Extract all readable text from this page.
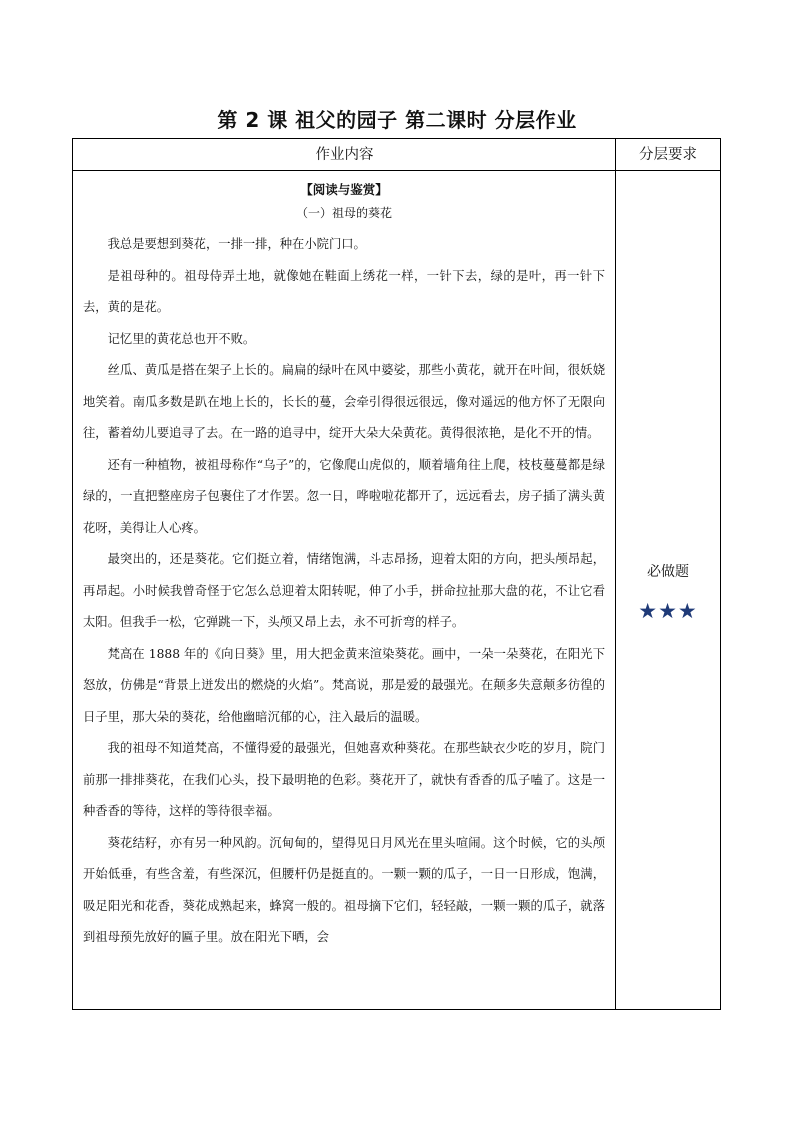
第 2 课 祖父的园子 第二课时 分层作业
作业内容	分层要求
【阅读与鉴赏】
（一）祖母的葵花

我总是要想到葵花，一排一排，种在小院门口。

是祖母种的。祖母侍弄土地，就像她在鞋面上绣花一样，一针下去，绿的是叶，再一针下去，黄的是花。

记忆里的黄花总也开不败。

丝瓜、黄瓜是搭在架子上长的。扁扁的绿叶在风中婆娑，那些小黄花，就开在叶间，很妖娆地笑着。南瓜多数是趴在地上长的，长长的蔓，会牵引得很远很远，像对遥远的他方怀了无限向往，蓄着幼儿要追寻了去。在一路的追寻中，绽开大朵大朵黄花。黄得很浓艳，是化不开的情。

还有一种植物，被祖母称作“乌子”的，它像爬山虎似的，顺着墙角往上爬，枝枝蔓蔓都是绿绿的，一直把整座房子包裹住了才作罢。忽一日，哗啦啦花都开了，远远看去，房子插了满头黄花呀，美得让人心疼。

最突出的，还是葵花。它们挺立着，情绪饱满，斗志昂扬，迎着太阳的方向，把头颅昂起，再昂起。小时候我曾奇怪于它怎么总迎着太阳转呢，伸了小手，拼命拉扯那大盘的花，不让它看太阳。但我手一松，它弹跳一下，头颅又昂上去，永不可折弯的样子。

梵高在 1888 年的《向日葵》里，用大把金黄来渲染葵花。画中，一朵一朵葵花，在阳光下怒放，仿佛是“背景上迸发出的燃烧的火焰”。梵高说，那是爱的最强光。在颠多失意颠多彷徨的日子里，那大朵的葵花，给他幽暗沉郁的心，注入最后的温暖。

我的祖母不知道梵高，不懂得爱的最强光，但她喜欢种葵花。在那些缺衣少吃的岁月，院门前那一排排葵花，在我们心头，投下最明艳的色彩。葵花开了，就快有香香的瓜子嗑了。这是一种香香的等待，这样的等待很幸福。

葵花结籽，亦有另一种风韵。沉甸甸的，望得见日月风光在里头喧闹。这个时候，它的头颅开始低垂，有些含羞，有些深沉，但腰杆仍是挺直的。一颗一颗的瓜子，一日一日形成，饱满，吸足阳光和花香，葵花成熟起来，蜂窝一般的。祖母摘下它们，轻轻敲，一颗一颗的瓜子，就落到祖母预先放好的匾子里。放在阳光下晒，会

必做题
★★★
